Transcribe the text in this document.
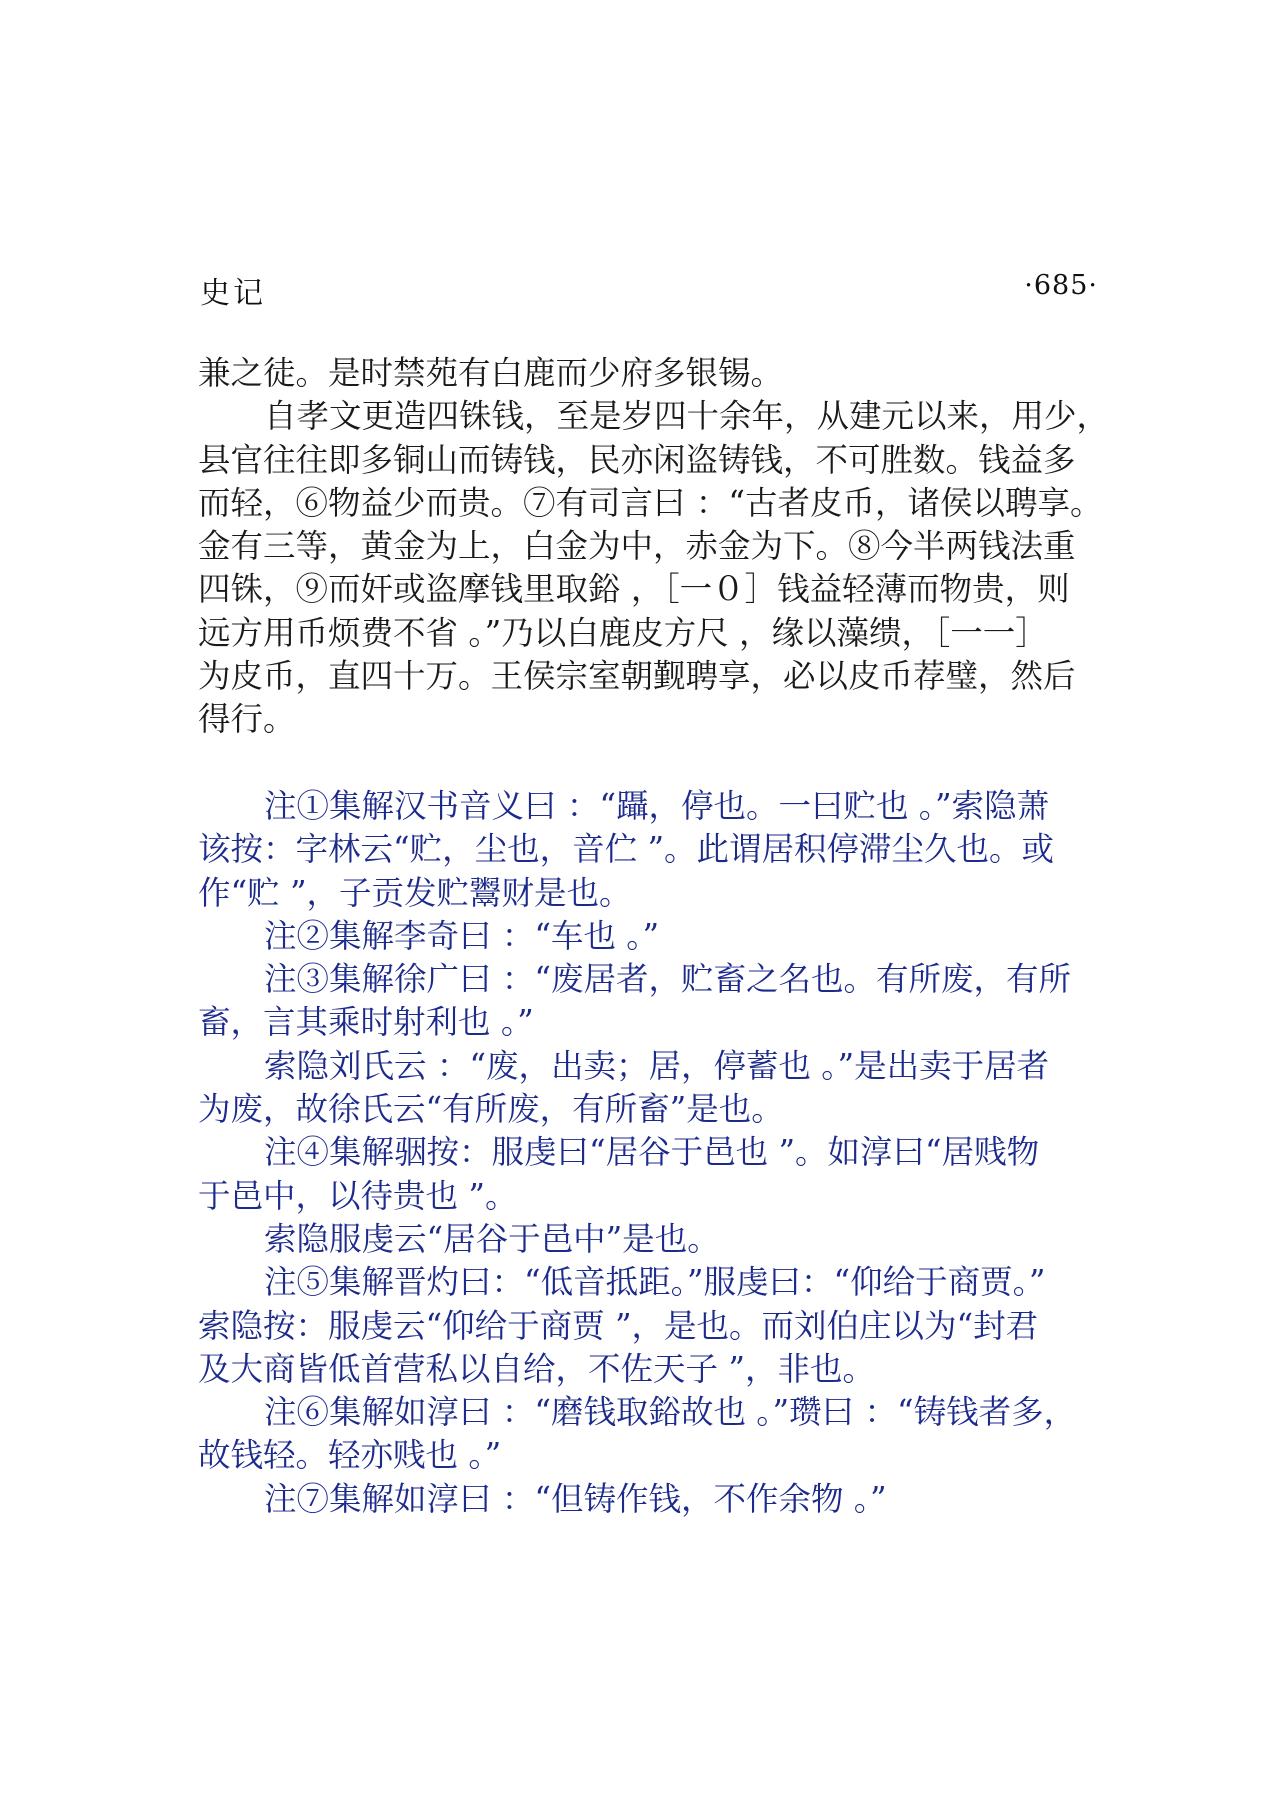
史记	·685·

兼之徒。是时禁苑有白鹿而少府多银锡。

自孝文更造四铢钱，至是岁四十余年，从建元以来，用少，

县官往往即多铜山而铸钱，民亦闲盗铸钱，不可胜数。钱益多

而轻，⑥物益少而贵。⑦有司言曰 ：“古者皮币，诸侯以聘享。

金有三等，黄金为上，白金为中，赤金为下。⑧今半两钱法重

四铢，⑨而奸或盗摩钱里取鋊 ，［一０］钱益轻薄而物贵，则

远方用币烦费不省 。”乃以白鹿皮方尺 ，缘以藻缋，［一一］

为皮币，直四十万。王侯宗室朝觐聘享，必以皮币荐璧，然后

得行。

注①集解汉书音义曰 ：“躡，停也。一曰贮也 。”索隐萧

该按：字林云“贮，尘也，音伫 ”。此谓居积停滞尘久也。或

作“贮 ”，子贡发贮鬻财是也。

注②集解李奇曰 ：“车也 。”

注③集解徐广曰 ：“废居者，贮畜之名也。有所废，有所

畜，言其乘时射利也 。”

索隐刘氏云 ：“废，出卖；居，停蓄也 。”是出卖于居者

为废，故徐氏云“有所废，有所畜”是也。

注④集解骃按：服虔曰“居谷于邑也 ”。如淳曰“居贱物

于邑中，以待贵也 ”。

索隐服虔云“居谷于邑中”是也。

注⑤集解晋灼曰：“低音抵距。”服虔曰：“仰给于商贾。”

索隐按：服虔云“仰给于商贾 ”，是也。而刘伯庄以为“封君

及大商皆低首营私以自给，不佐天子 ”，非也。

注⑥集解如淳曰 ：“磨钱取鋊故也 。”瓒曰 ：“铸钱者多，

故钱轻。轻亦贱也 。”

注⑦集解如淳曰 ：“但铸作钱，不作余物 。”
